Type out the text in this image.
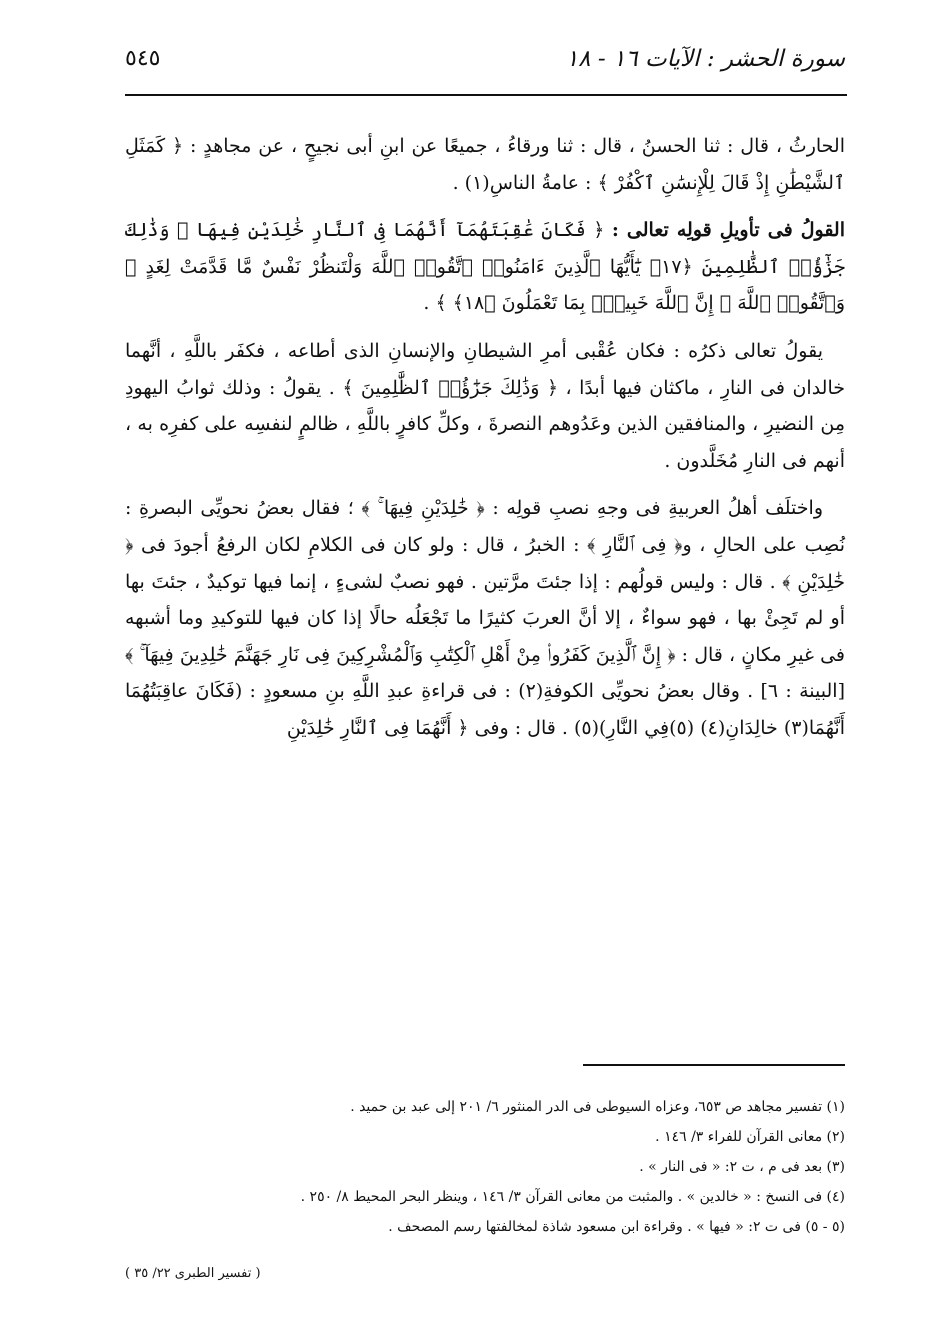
سورة الحشر : الآيات ١٦ - ١٨
٥٤٥

الحارثُ ، قال : ثنا الحسنُ ، قال : ثنا ورقاءُ ، جميعًا عن ابنِ أبى نجيحٍ ، عن مجاهدٍ : ﴿ كَمَثَلِ ٱلشَّيْطَٰنِ إِذْ قَالَ لِلْإِنسَٰنِ ٱكْفُرْ ﴾ : عامةُ الناسِ(١) .

القولُ فى تأويلِ قولِه تعالى : ﴿ فَكَانَ عَٰقِبَتَهُمَآ أَنَّهُمَا فِى ٱلنَّارِ خَٰلِدَيْنِ فِيهَا ۚ وَذَٰلِكَ جَزَٰٓؤُا۟ ٱلظَّٰلِمِينَ ﴿١٧﴾ يَٰٓأَيُّهَا ٱلَّذِينَ ءَامَنُوا۟ ٱتَّقُوا۟ ٱللَّهَ وَلْتَنظُرْ نَفْسٌ مَّا قَدَّمَتْ لِغَدٍ ۖ وَٱتَّقُوا۟ ٱللَّهَ ۚ إِنَّ ٱللَّهَ خَبِيرٌۢ بِمَا تَعْمَلُونَ ﴿١٨﴾ ﴾ .

يقولُ تعالى ذكرُه : فكان عُقْبى أمرِ الشيطانِ والإنسانِ الذى أطاعه ، فكفَر باللَّهِ ، أنَّهما خالدان فى النارِ ، ماكثان فيها أبدًا ، ﴿ وَذَٰلِكَ جَزَٰٓؤُا۟ ٱلظَّٰلِمِينَ ﴾ . يقولُ : وذلك ثوابُ اليهودِ مِن النضيرِ ، والمنافقين الذين وعَدُوهم النصرةَ ، وكلِّ كافرٍ باللَّهِ ، ظالمٍ لنفسِه على كفرِه به ، أنهم فى النارِ مُخَلَّدون .

واختلَف أهلُ العربيةِ فى وجهِ نصبِ قولِه : ﴿ خَٰلِدَيْنِ فِيهَا ۚ ﴾ ؛ فقال بعضُ نحويِّى البصرةِ : نُصِب على الحالِ ، و﴿ فِى ٱلنَّارِ ﴾ : الخبرُ ، قال : ولو كان فى الكلامِ لكان الرفعُ أجودَ فى ﴿ خَٰلِدَيْنِ ﴾ . قال : وليس قولُهم : إذا جئتَ مرَّتين . فهو نصبٌ لشىءٍ ، إنما فيها توكيدٌ ، جئتَ بها أو لم تَجِئْ بها ، فهو سواءٌ ، إلا أنَّ العربَ كثيرًا ما تَجْعَلُه حالًا إذا كان فيها للتوكيدِ وما أشبهه فى غيرِ مكانٍ ، قال : ﴿ إِنَّ ٱلَّذِينَ كَفَرُوا۟ مِنْ أَهْلِ ٱلْكِتَٰبِ وَٱلْمُشْرِكِينَ فِى نَارِ جَهَنَّمَ خَٰلِدِينَ فِيهَآ ۚ ﴾ [البينة : ٦] . وقال بعضُ نحويِّى الكوفةِ(٢) : فى قراءةِ عبدِ اللَّهِ بنِ مسعودٍ : (فَكَانَ عاقِبَتُهُمَا أَنَّهُمَا(٣) خالِدَانِ(٤) (٥)فِي النَّارِ)(٥) . قال : وفى ﴿ أَنَّهُمَا فِى ٱلنَّارِ خَٰلِدَيْنِ

(١) تفسير مجاهد ص ٦٥٣، وعزاه السيوطى فى الدر المنثور ٦/ ٢٠١ إلى عبد بن حميد .

(٢) معانى القرآن للفراء ٣/ ١٤٦ .

(٣) بعد فى م ، ت ٢: « فى النار » .

(٤) فى النسخ : « خالدين » . والمثبت من معانى القرآن ٣/ ١٤٦ ، وينظر البحر المحيط ٨/ ٢٥٠ .

(٥ - ٥) فى ت ٢: « فيها » . وقراءة ابن مسعود شاذة لمخالفتها رسم المصحف .

( تفسير الطبرى ٢٢/ ٣٥ )
